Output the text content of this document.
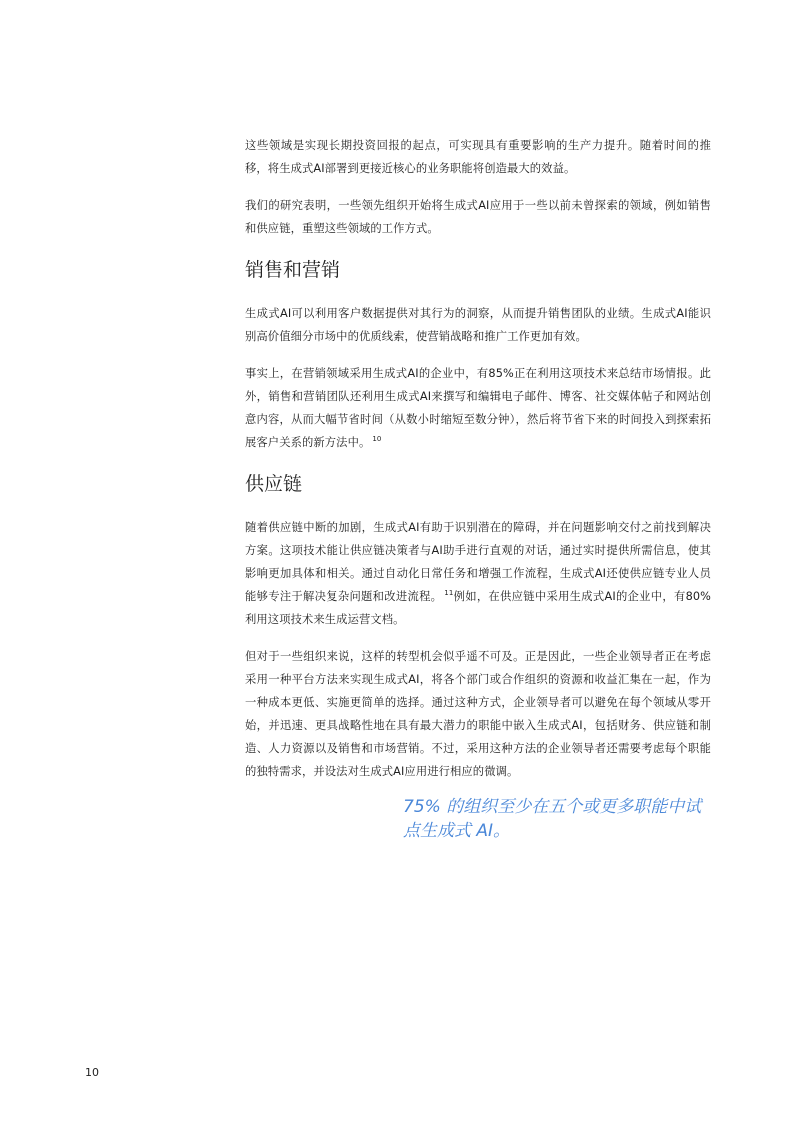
这些领域是实现长期投资回报的起点，可实现具有重要影响的生产力提升。随着时间的推移，将生成式AI部署到更接近核心的业务职能将创造最大的效益。

我们的研究表明，一些领先组织开始将生成式AI应用于一些以前未曾探索的领域，例如销售和供应链，重塑这些领域的工作方式。

销售和营销

生成式AI可以利用客户数据提供对其行为的洞察，从而提升销售团队的业绩。生成式AI能识别高价值细分市场中的优质线索，使营销战略和推广工作更加有效。

事实上，在营销领域采用生成式AI的企业中，有85%正在利用这项技术来总结市场情报。此外，销售和营销团队还利用生成式AI来撰写和编辑电子邮件、博客、社交媒体帖子和网站创意内容，从而大幅节省时间（从数小时缩短至数分钟），然后将节省下来的时间投入到探索拓展客户关系的新方法中。 $^{10}$

供应链

随着供应链中断的加剧，生成式AI有助于识别潜在的障碍，并在问题影响交付之前找到解决方案。这项技术能让供应链决策者与AI助手进行直观的对话，通过实时提供所需信息，使其影响更加具体和相关。通过自动化日常任务和增强工作流程，生成式AI还使供应链专业人员能够专注于解决复杂问题和改进流程。 $^{11}$例如，在供应链中采用生成式AI的企业中，有80%利用这项技术来生成运营文档。

但对于一些组织来说，这样的转型机会似乎遥不可及。正是因此，一些企业领导者正在考虑采用一种平台方法来实现生成式AI，将各个部门或合作组织的资源和收益汇集在一起，作为一种成本更低、实施更简单的选择。通过这种方式，企业领导者可以避免在每个领域从零开始，并迅速、更具战略性地在具有最大潜力的职能中嵌入生成式AI，包括财务、供应链和制造、人力资源以及销售和市场营销。不过，采用这种方法的企业领导者还需要考虑每个职能的独特需求，并设法对生成式AI应用进行相应的微调。

75% 的组织至少在五个或更多职能中试点生成式 AI。

10
